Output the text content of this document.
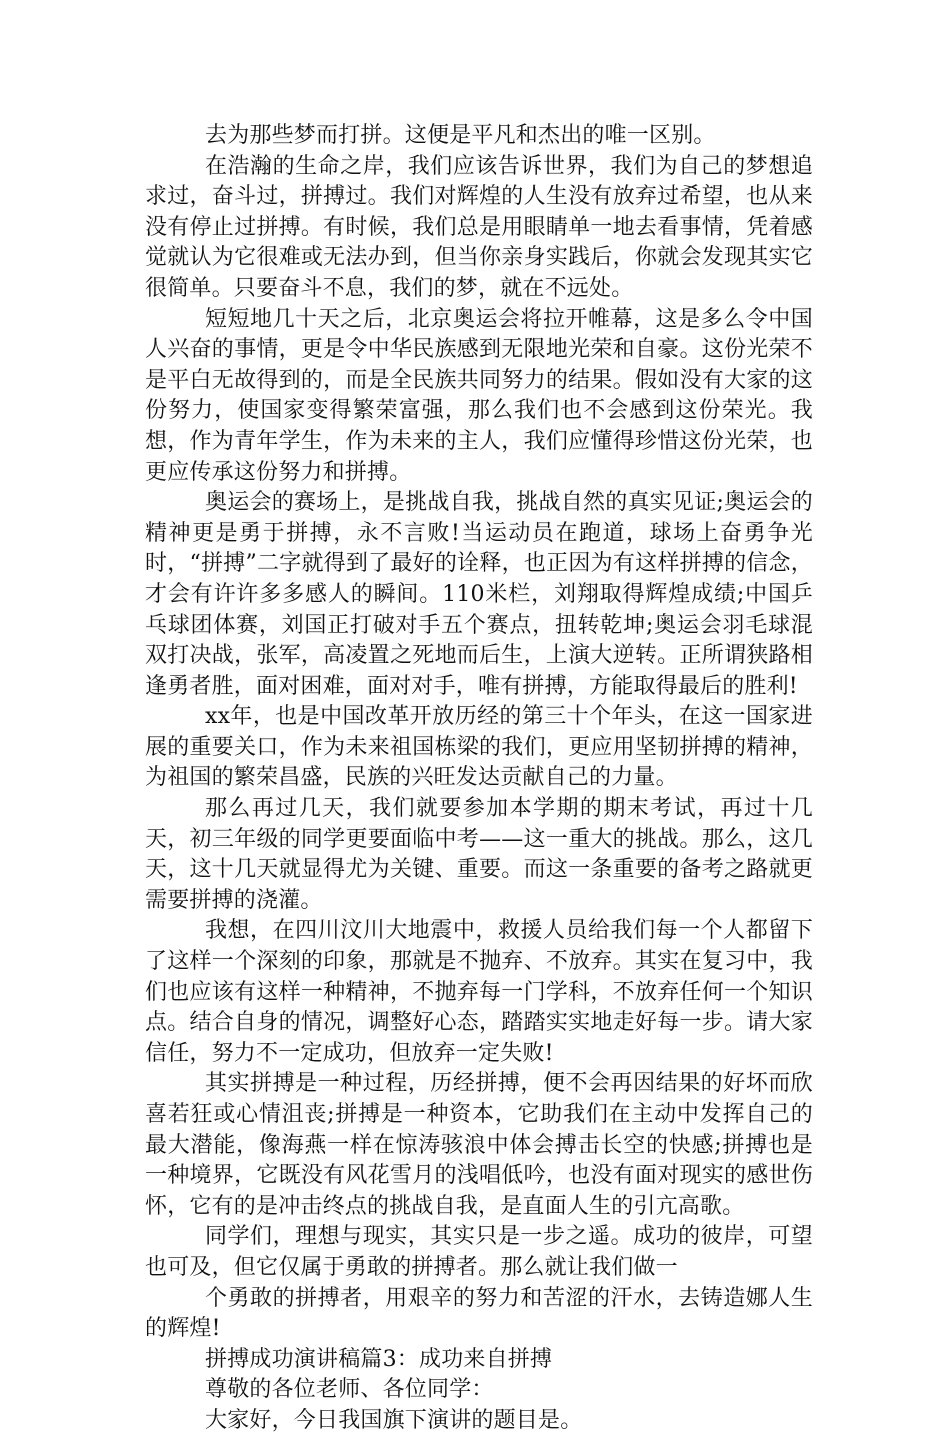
去为那些梦而打拼。这便是平凡和杰出的唯一区别。

在浩瀚的生命之岸，我们应该告诉世界，我们为自己的梦想追求过，奋斗过，拼搏过。我们对辉煌的人生没有放弃过希望，也从来没有停止过拼搏。有时候，我们总是用眼睛单一地去看事情，凭着感觉就认为它很难或无法办到，但当你亲身实践后，你就会发现其实它很简单。只要奋斗不息，我们的梦，就在不远处。

短短地几十天之后，北京奥运会将拉开帷幕，这是多么令中国人兴奋的事情，更是令中华民族感到无限地光荣和自豪。这份光荣不是平白无故得到的，而是全民族共同努力的结果。假如没有大家的这份努力，使国家变得繁荣富强，那么我们也不会感到这份荣光。我想，作为青年学生，作为未来的主人，我们应懂得珍惜这份光荣，也更应传承这份努力和拼搏。

奥运会的赛场上，是挑战自我，挑战自然的真实见证;奥运会的精神更是勇于拼搏，永不言败!当运动员在跑道，球场上奋勇争光时，“拼搏”二字就得到了最好的诠释，也正因为有这样拼搏的信念，才会有许许多多感人的瞬间。110米栏，刘翔取得辉煌成绩;中国乒乓球团体赛，刘国正打破对手五个赛点，扭转乾坤;奥运会羽毛球混双打决战，张军，高凌置之死地而后生，上演大逆转。正所谓狭路相逢勇者胜，面对困难，面对对手，唯有拼搏，方能取得最后的胜利!

xx年，也是中国改革开放历经的第三十个年头，在这一国家进展的重要关口，作为未来祖国栋梁的我们，更应用坚韧拼搏的精神，为祖国的繁荣昌盛，民族的兴旺发达贡献自己的力量。

那么再过几天，我们就要参加本学期的期末考试，再过十几天，初三年级的同学更要面临中考——这一重大的挑战。那么，这几天，这十几天就显得尤为关键、重要。而这一条重要的备考之路就更需要拼搏的浇灌。

我想，在四川汶川大地震中，救援人员给我们每一个人都留下了这样一个深刻的印象，那就是不抛弃、不放弃。其实在复习中，我们也应该有这样一种精神，不抛弃每一门学科，不放弃任何一个知识点。结合自身的情况，调整好心态，踏踏实实地走好每一步。请大家信任，努力不一定成功，但放弃一定失败!

其实拼搏是一种过程，历经拼搏，便不会再因结果的好坏而欣喜若狂或心情沮丧;拼搏是一种资本，它助我们在主动中发挥自己的最大潜能，像海燕一样在惊涛骇浪中体会搏击长空的快感;拼搏也是一种境界，它既没有风花雪月的浅唱低吟，也没有面对现实的感世伤怀，它有的是冲击终点的挑战自我，是直面人生的引亢高歌。

同学们，理想与现实，其实只是一步之遥。成功的彼岸，可望也可及，但它仅属于勇敢的拼搏者。那么就让我们做一

个勇敢的拼搏者，用艰辛的努力和苦涩的汗水，去铸造娜人生的辉煌!

拼搏成功演讲稿篇3：成功来自拼搏

尊敬的各位老师、各位同学：

大家好，今日我国旗下演讲的题目是。
